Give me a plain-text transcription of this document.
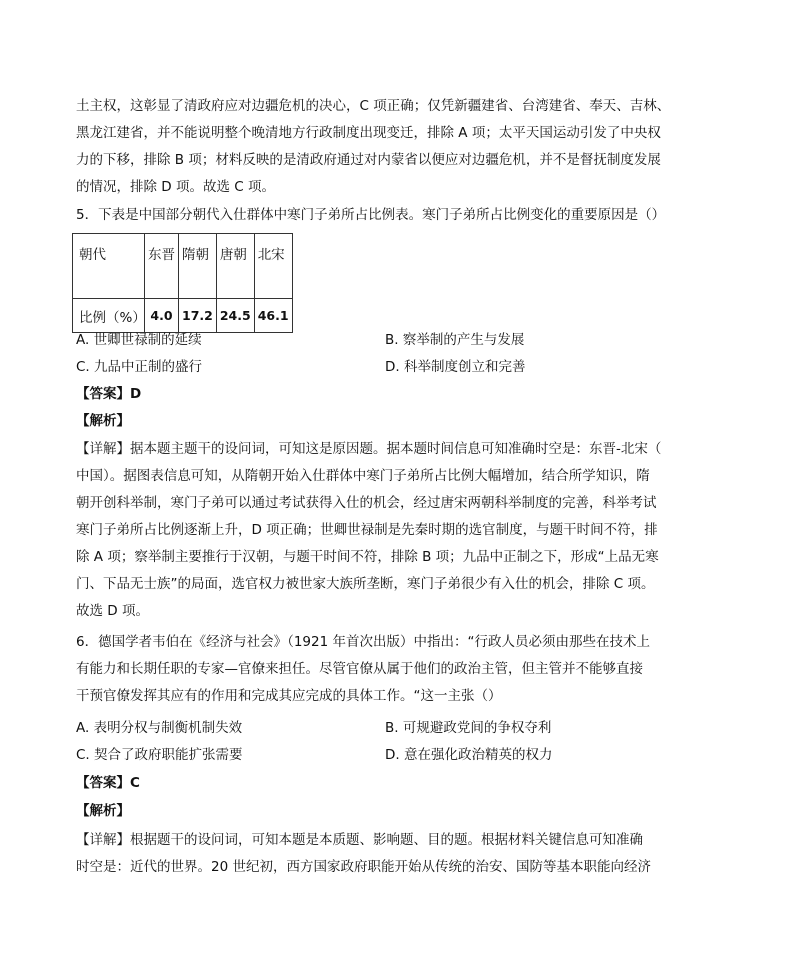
土主权，这彰显了清政府应对边疆危机的决心，C 项正确；仅凭新疆建省、台湾建省、奉天、吉林、
黑龙江建省，并不能说明整个晚清地方行政制度出现变迁，排除 A 项；太平天国运动引发了中央权
力的下移，排除 B 项；材料反映的是清政府通过对内蒙省以便应对边疆危机，并不是督抚制度发展
的情况，排除 D 项。故选 C 项。
5．下表是中国部分朝代入仕群体中寒门子弟所占比例表。寒门子弟所占比例变化的重要原因是（）
朝代	东晋	隋朝	唐朝	北宋
比例（%）	4.0	17.2	24.5	46.1
A. 世卿世禄制的延续	B. 察举制的产生与发展
C. 九品中正制的盛行	D. 科举制度创立和完善
【答案】D
【解析】
【详解】据本题主题干的设问词，可知这是原因题。据本题时间信息可知准确时空是：东晋-北宋（
中国）。据图表信息可知，从隋朝开始入仕群体中寒门子弟所占比例大幅增加，结合所学知识，隋
朝开创科举制，寒门子弟可以通过考试获得入仕的机会，经过唐宋两朝科举制度的完善，科举考试
寒门子弟所占比例逐渐上升，D 项正确；世卿世禄制是先秦时期的选官制度，与题干时间不符，排
除 A 项；察举制主要推行于汉朝，与题干时间不符，排除 B 项；九品中正制之下，形成“上品无寒
门、下品无士族”的局面，选官权力被世家大族所垄断，寒门子弟很少有入仕的机会，排除 C 项。
故选 D 项。
6．德国学者韦伯在《经济与社会》（1921 年首次出版）中指出：“行政人员必须由那些在技术上
有能力和长期任职的专家—官僚来担任。尽管官僚从属于他们的政治主管，但主管并不能够直接
干预官僚发挥其应有的作用和完成其应完成的具体工作。“这一主张（）
A. 表明分权与制衡机制失效	B. 可规避政党间的争权夺利
C. 契合了政府职能扩张需要	D. 意在强化政治精英的权力
【答案】C
【解析】
【详解】根据题干的设问词，可知本题是本质题、影响题、目的题。根据材料关键信息可知准确
时空是：近代的世界。20 世纪初，西方国家政府职能开始从传统的治安、国防等基本职能向经济
